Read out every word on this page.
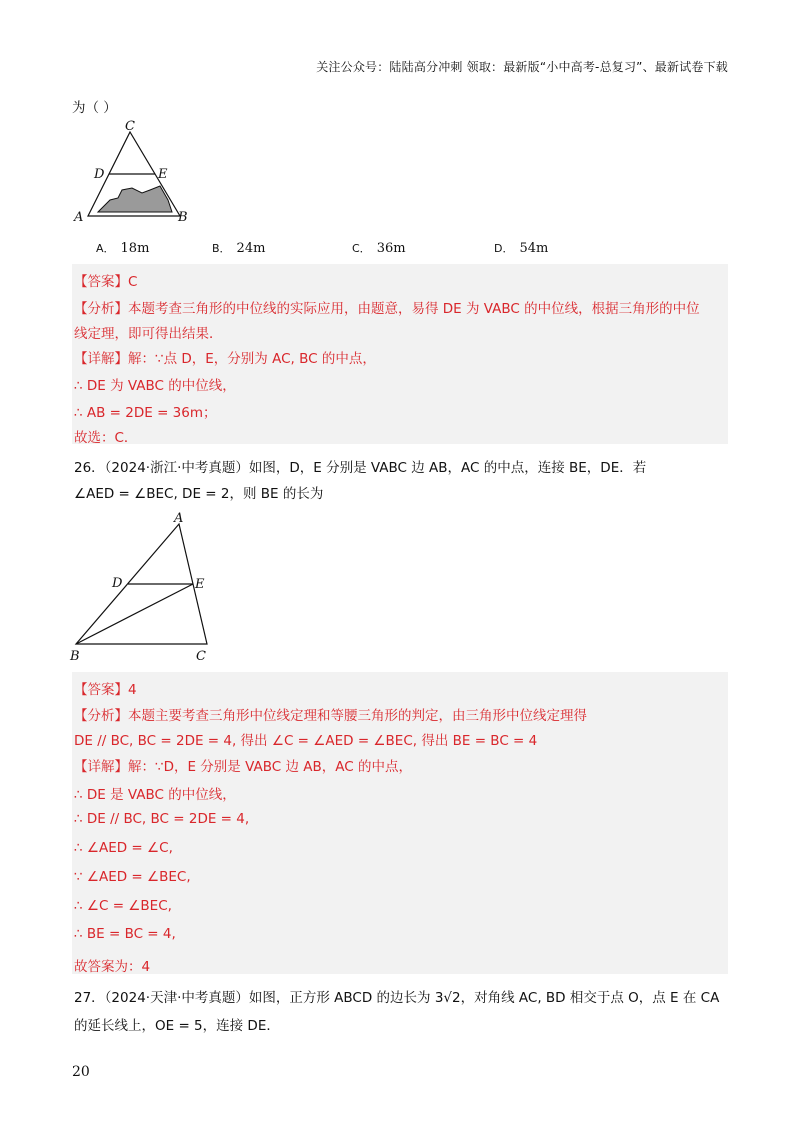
关注公众号：陆陆高分冲刺 领取：最新版“小中高考-总复习”、最新试卷下载
为（ ）
C
D	E
A	B
A． 18m	B． 24m	C． 36m	D． 54m
【答案】C
【分析】本题考查三角形的中位线的实际应用，由题意，易得 DE 为 VABC 的中位线，根据三角形的中位
线定理，即可得出结果．
【详解】解：∵点 D，E，分别为 AC, BC 的中点，
∴ DE 为 VABC 的中位线，
∴ AB = 2DE = 36m；
故选：C．
26．（2024·浙江·中考真题）如图，D，E 分别是 VABC 边 AB，AC 的中点，连接 BE，DE．若
∠AED = ∠BEC, DE = 2，则 BE 的长为
A
D	E
B	C
【答案】4
【分析】本题主要考查三角形中位线定理和等腰三角形的判定，由三角形中位线定理得
DE // BC, BC = 2DE = 4, 得出 ∠C = ∠AED = ∠BEC, 得出 BE = BC = 4
【详解】解：∵D，E 分别是 VABC 边 AB，AC 的中点，
∴ DE 是 VABC 的中位线，
∴ DE // BC, BC = 2DE = 4,
∴ ∠AED = ∠C,
∵ ∠AED = ∠BEC,
∴ ∠C = ∠BEC,
∴ BE = BC = 4,
故答案为：4
27．（2024·天津·中考真题）如图，正方形 ABCD 的边长为 3√2，对角线 AC, BD 相交于点 O，点 E 在 CA
的延长线上，OE = 5，连接 DE．
20
